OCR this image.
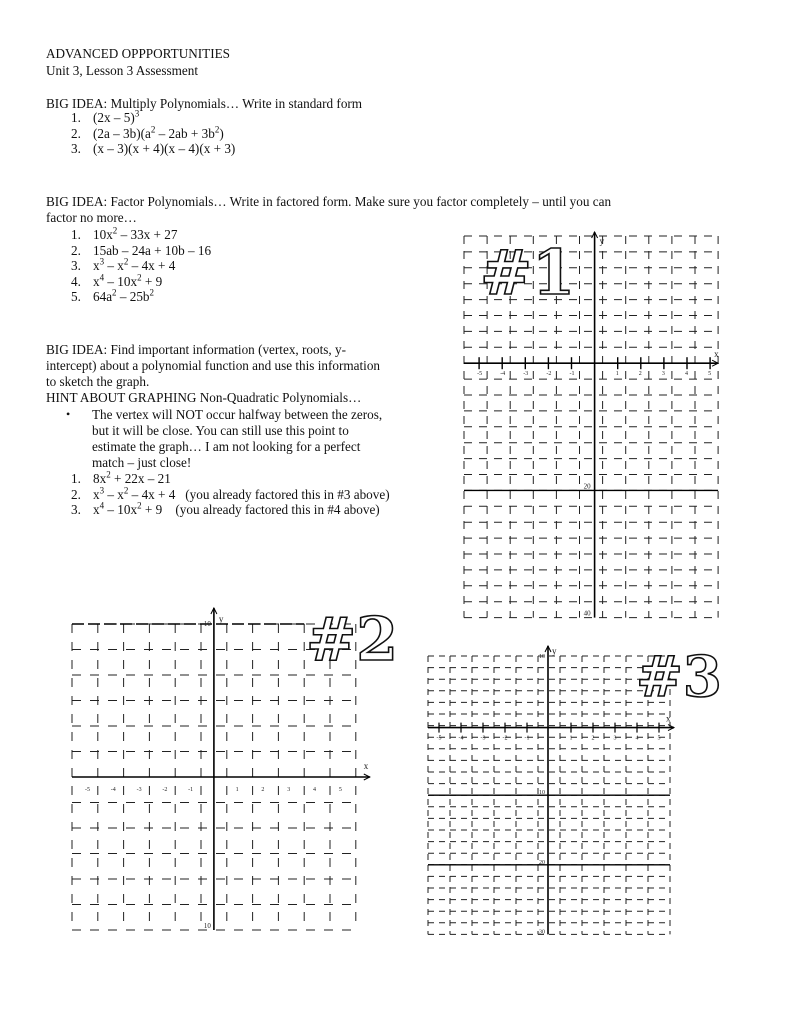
ADVANCED OPPPORTUNITIES
Unit 3, Lesson 3 Assessment
BIG IDEA: Multiply Polynomials… Write in standard form
1. (2x – 5)$^3$
2. $(2a - 3b)(a^2 - 2ab + 3b^2)$
3. (x – 3)(x + 4)(x – 4)(x + 3)
BIG IDEA: Factor Polynomials… Write in factored form. Make sure you factor completely – until you can
factor no more…
1. $10x^2 - 33x + 27$
2. 15ab – 24a + 10b – 16
3. $x^3 - x^2 - 4x + 4$
4. $x^4 - 10x^2 + 9$
5. $64a^2 - 25b^2$
BIG IDEA: Find important information (vertex, roots, y-
intercept) about a polynomial function and use this information
to sketch the graph.
HINT ABOUT GRAPHING Non-Quadratic Polynomials…
• The vertex will NOT occur halfway between the zeros,
but it will be close. You can still use this point to
estimate the graph… I am not looking for a perfect
match – just close!
1. $8x^2 + 22x - 21$
2. $x^3 - x^2 - 4x + 4$   (you already factored this in #3 above)
3. $x^4 - 10x^2 + 9$    (you already factored this in #4 above)
x
y
20
40
-5	-4	-3	-2	-1	1	2	3	4	5
#1
x
y
10
10
-5	-4	-3	-2	-1	1	2	3	4	5
#2
x
y
10
10
20
30
-5	-4	-3	-2	-1	1	2	3	4	5
#3
